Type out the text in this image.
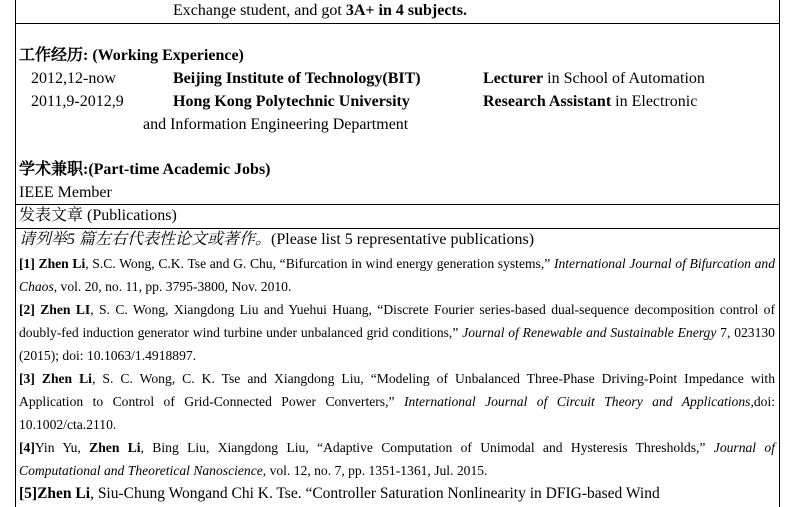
Exchange student, and got 3A+ in 4 subjects.
工作经历: (Working Experience)
2012,12-now	Beijing Institute of Technology(BIT)	Lecturer in School of Automation
2011,9-2012,9	Hong Kong Polytechnic University	Research Assistant in Electronic
and Information Engineering Department
学术兼职:(Part-time Academic Jobs)
IEEE Member
发表文章 (Publications)
请列举5 篇左右代表性论文或著作。(Please list 5 representative publications)
[1] Zhen Li, S.C. Wong, C.K. Tse and G. Chu, “Bifurcation in wind energy generation systems,” International Journal of Bifurcation and Chaos, vol. 20, no. 11, pp. 3795-3800, Nov. 2010.
[2] Zhen LI, S. C. Wong, Xiangdong Liu and Yuehui Huang, “Discrete Fourier series-based dual-sequence decomposition control of doubly-fed induction generator wind turbine under unbalanced grid conditions,” Journal of Renewable and Sustainable Energy 7, 023130 (2015); doi: 10.1063/1.4918897.
[3] Zhen Li, S. C. Wong, C. K. Tse and Xiangdong Liu, “Modeling of Unbalanced Three-Phase Driving-Point Impedance with Application to Control of Grid-Connected Power Converters,” International Journal of Circuit Theory and Applications,doi: 10.1002/cta.2110.
[4]Yin Yu, Zhen Li, Bing Liu, Xiangdong Liu, “Adaptive Computation of Unimodal and Hysteresis Thresholds,” Journal of Computational and Theoretical Nanoscience, vol. 12, no. 7, pp. 1351-1361, Jul. 2015.
[5]Zhen Li, Siu-Chung Wongand Chi K. Tse. “Controller Saturation Nonlinearity in DFIG-based Wind
